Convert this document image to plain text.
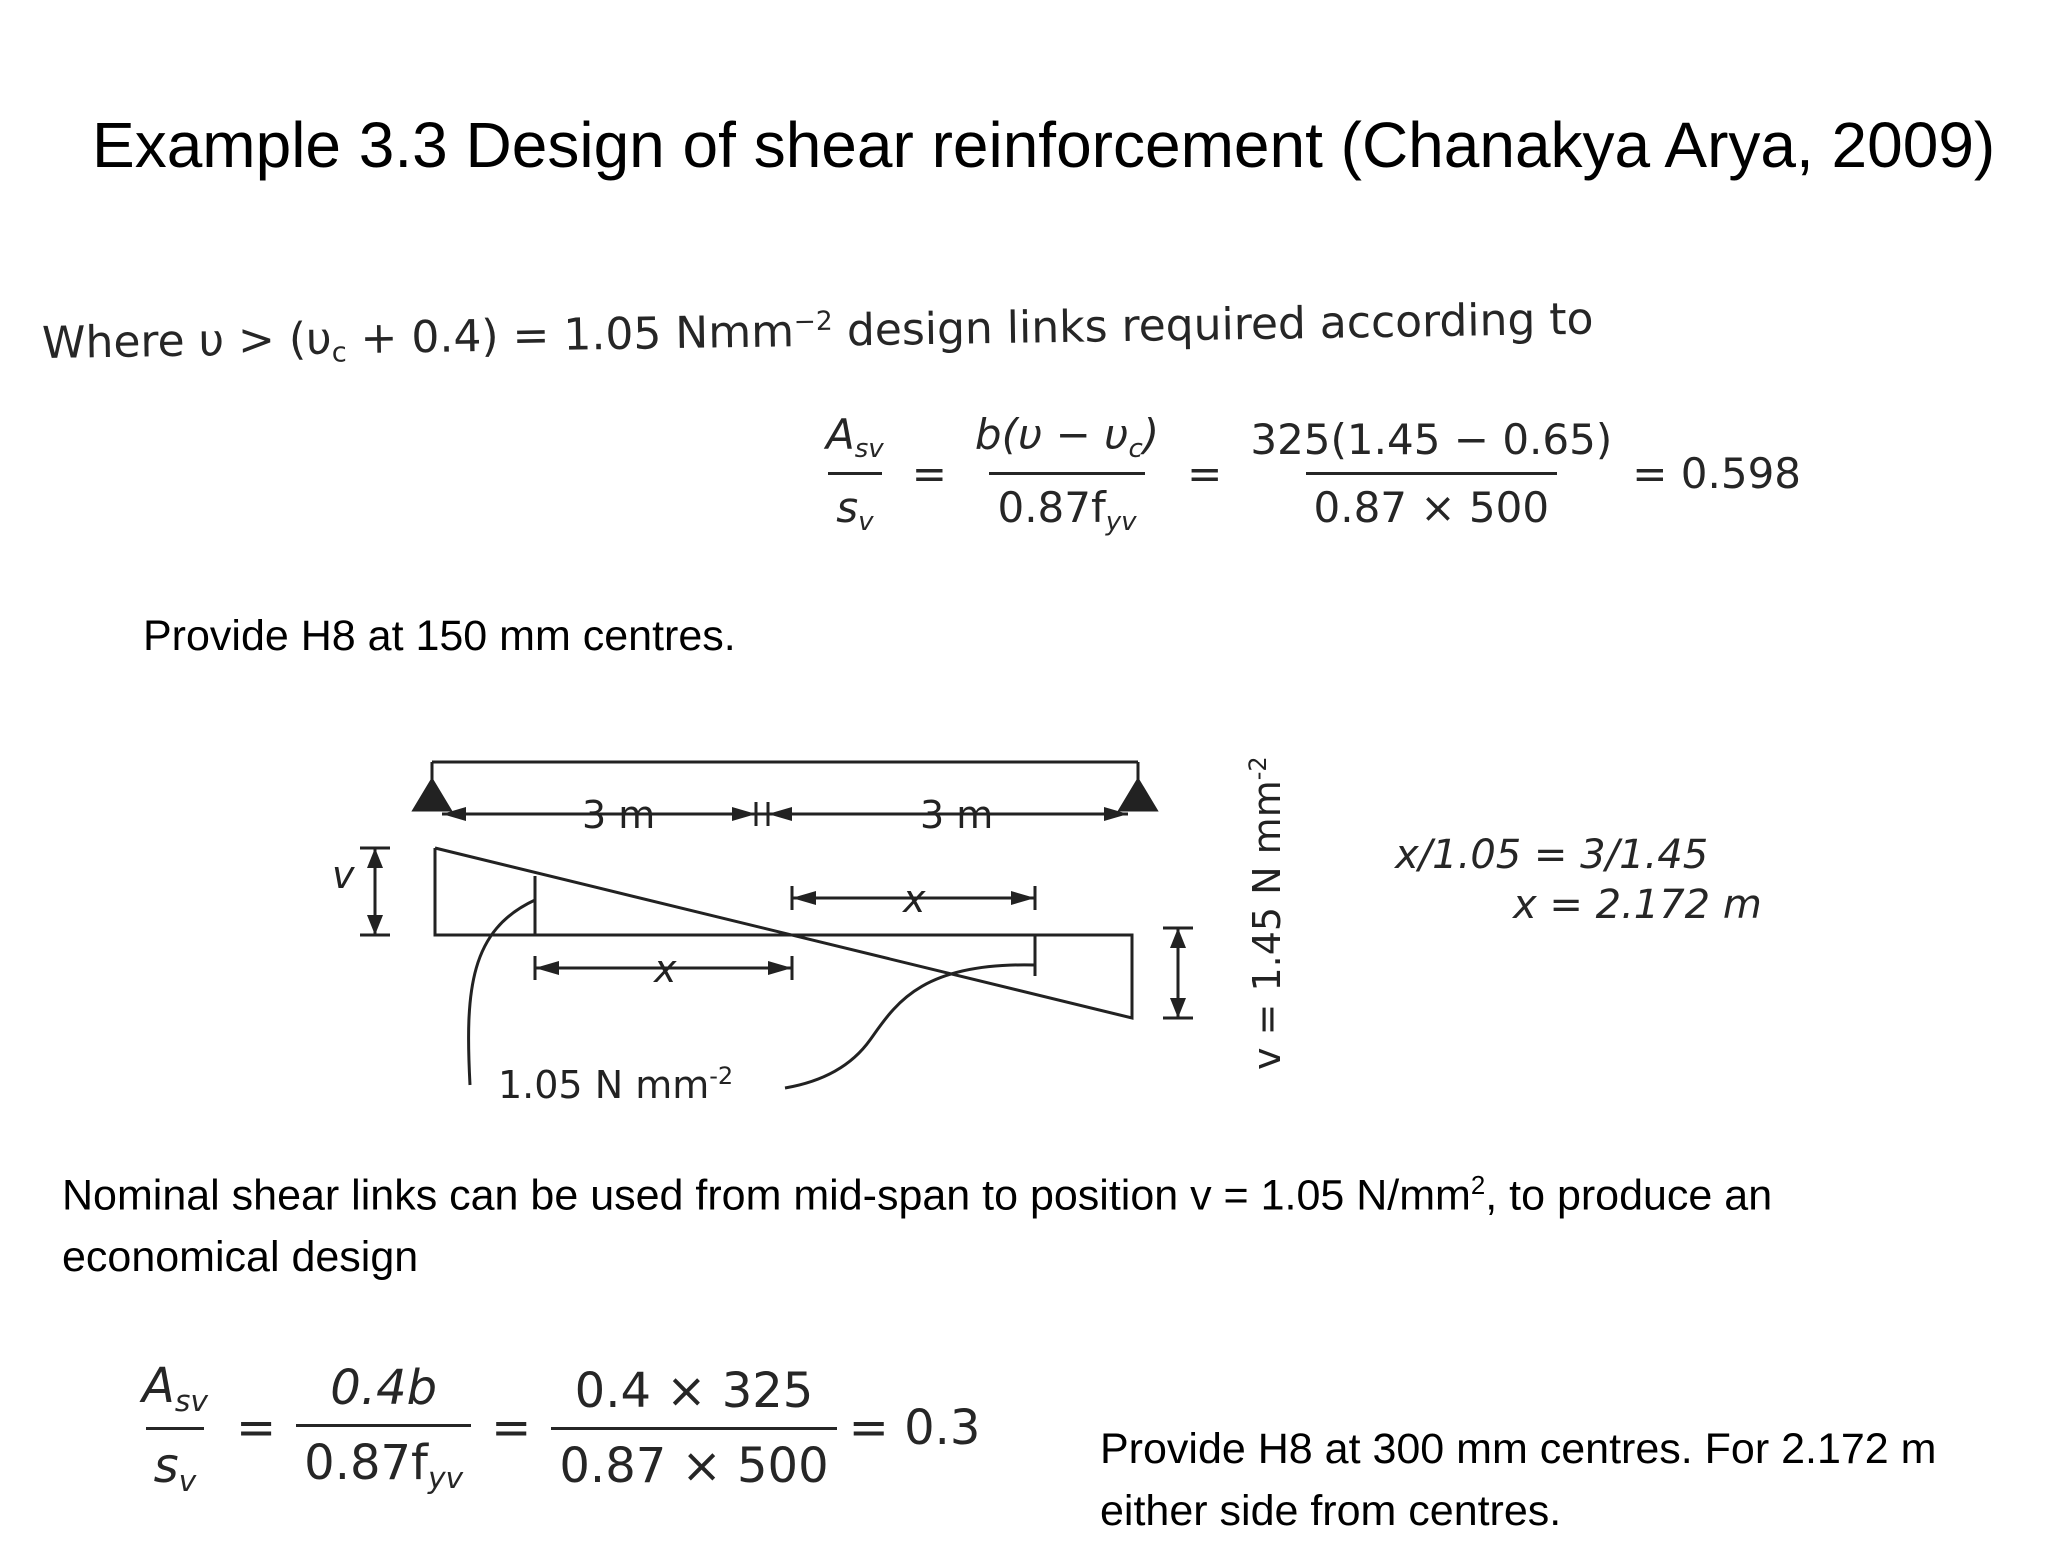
Example 3.3 Design of shear reinforcement (Chanakya Arya, 2009)
Where $\upsilon > (\upsilon_c + 0.4) = 1.05$ Nmm$^{-2}$ design links required according to
$\frac{A_{sv}}{s_v} = \frac{b(\upsilon - \upsilon_c)}{0.87f_{yv}} = \frac{325(1.45 - 0.65)}{0.87 \times 500} = 0.598$
Provide H8 at 150 mm centres.
3 m	3 m
v
x
x
1.05 N $mm^{-2}$
v = 1.45 N $mm^{-2}$
x/1.05 = 3/1.45
x = 2.172 m
Nominal shear links can be used from mid-span to position v = 1.05 $N/mm^2$, to produce an economical design
$\frac{A_{sv}}{s_v} = \frac{0.4b}{0.87f_{yv}} = \frac{0.4 \times 325}{0.87 \times 500} = 0.3$	Provide H8 at 300 mm centres. For 2.172 m either side from centres.
